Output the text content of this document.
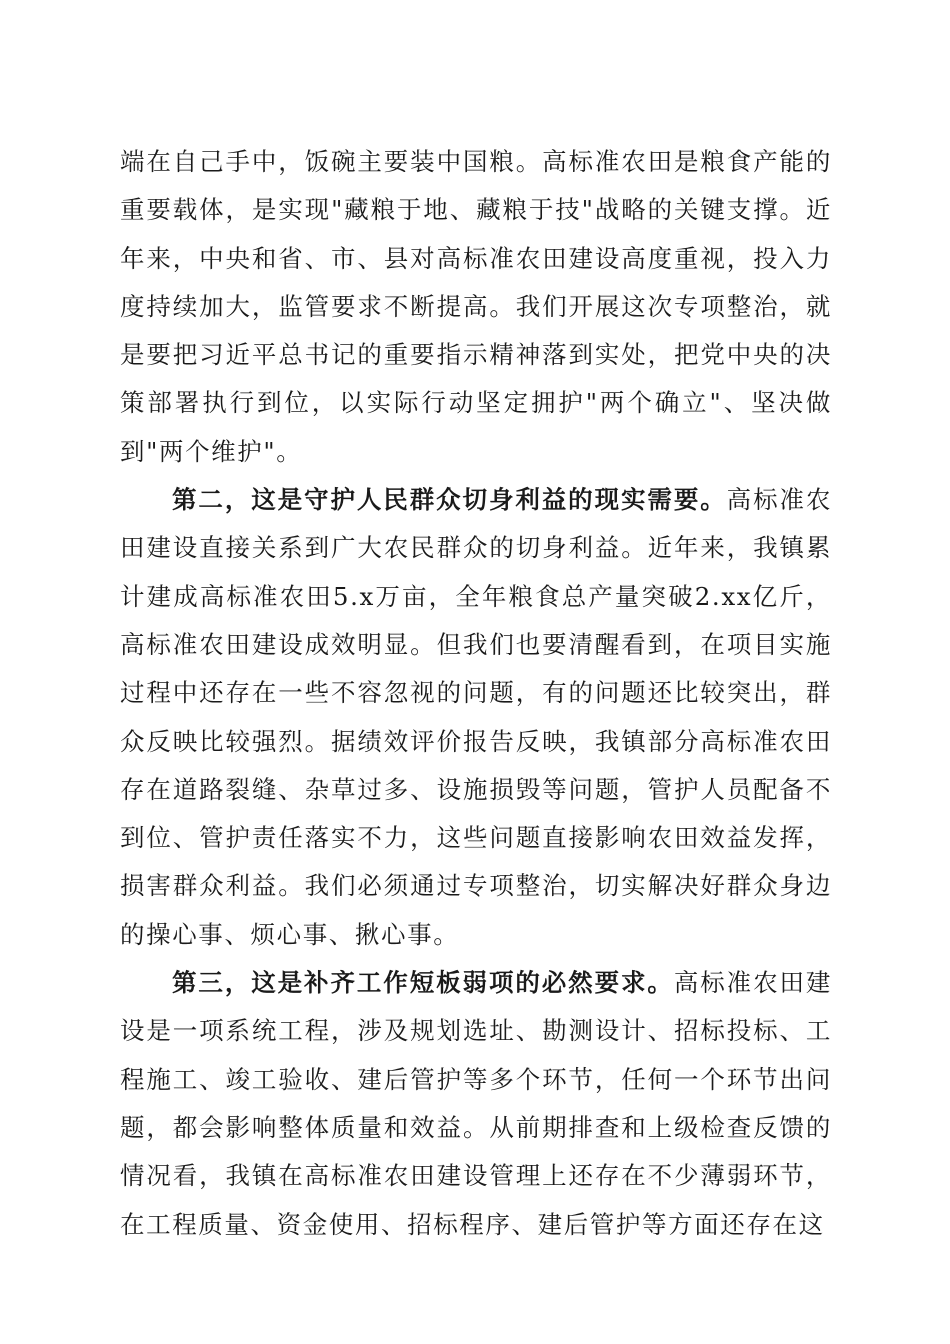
端在自己手中，饭碗主要装中国粮。高标准农田是粮食产能的重要载体，是实现"藏粮于地、藏粮于技"战略的关键支撑。近年来，中央和省、市、县对高标准农田建设高度重视，投入力度持续加大，监管要求不断提高。我们开展这次专项整治，就是要把习近平总书记的重要指示精神落到实处，把党中央的决策部署执行到位，以实际行动坚定拥护"两个确立"、坚决做到"两个维护"。

第二，这是守护人民群众切身利益的现实需要。高标准农田建设直接关系到广大农民群众的切身利益。近年来，我镇累计建成高标准农田5.x万亩，全年粮食总产量突破2.xx亿斤，高标准农田建设成效明显。但我们也要清醒看到，在项目实施过程中还存在一些不容忽视的问题，有的问题还比较突出，群众反映比较强烈。据绩效评价报告反映，我镇部分高标准农田存在道路裂缝、杂草过多、设施损毁等问题，管护人员配备不到位、管护责任落实不力，这些问题直接影响农田效益发挥，损害群众利益。我们必须通过专项整治，切实解决好群众身边的操心事、烦心事、揪心事。

第三，这是补齐工作短板弱项的必然要求。高标准农田建设是一项系统工程，涉及规划选址、勘测设计、招标投标、工程施工、竣工验收、建后管护等多个环节，任何一个环节出问题，都会影响整体质量和效益。从前期排查和上级检查反馈的情况看，我镇在高标准农田建设管理上还存在不少薄弱环节，在工程质量、资金使用、招标程序、建后管护等方面还存在这
